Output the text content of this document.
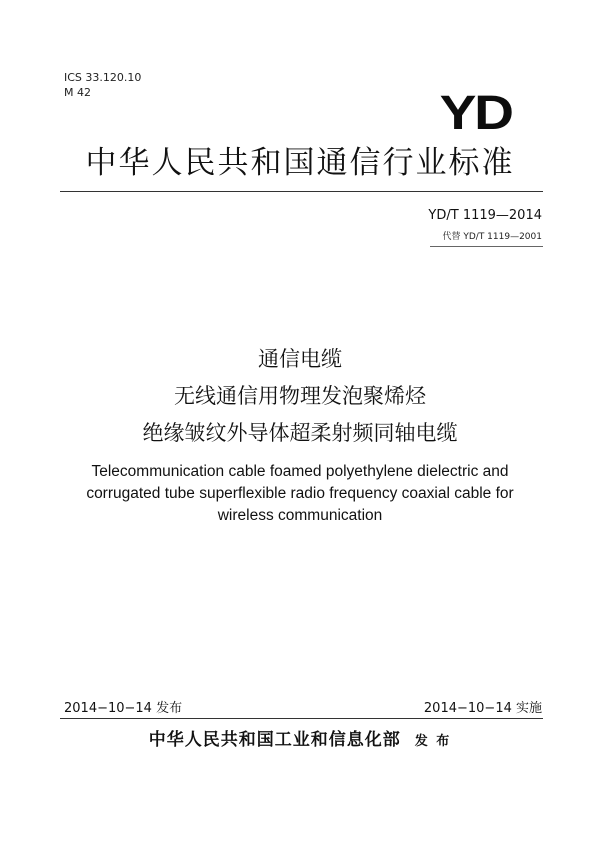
ICS 33.120.10
M 42	YD
中华人民共和国通信行业标准
YD/T 1119—2014
代替 YD/T 1119—2001
通信电缆
无线通信用物理发泡聚烯烃
绝缘皱纹外导体超柔射频同轴电缆
Telecommunication cable foamed polyethylene dielectric and
corrugated tube superflexible radio frequency coaxial cable for
wireless communication
2014−10−14 发布	2014−10−14 实施
中华人民共和国工业和信息化部 发 布
